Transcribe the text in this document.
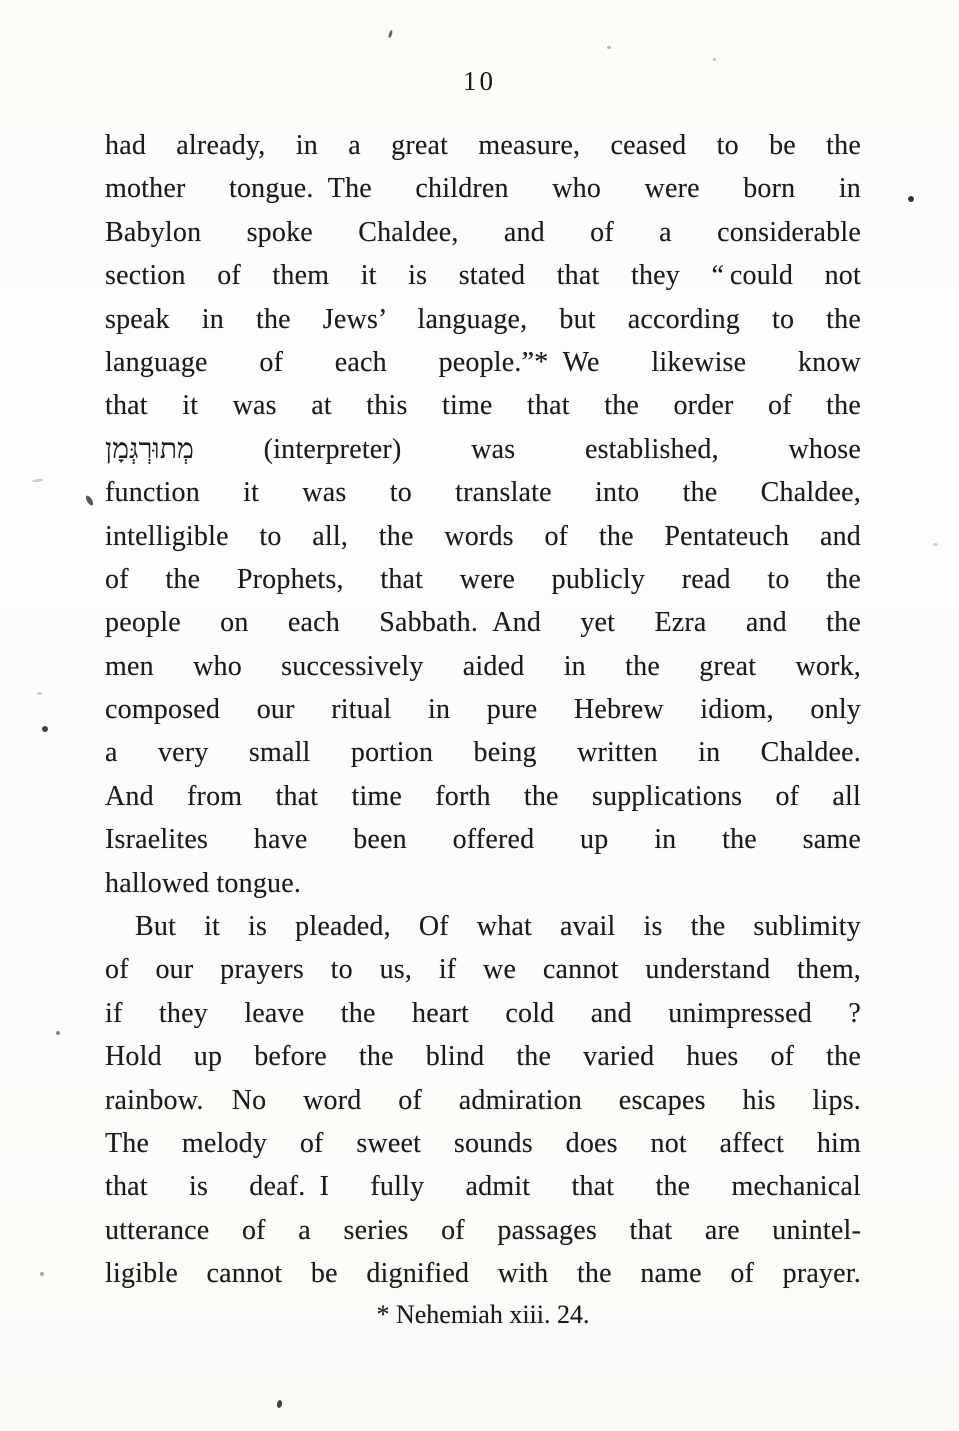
10
had already, in a great measure, ceased to be the
mother tongue. The children who were born in
Babylon spoke Chaldee, and of a considerable
section of them it is stated that they “ could not
speak in the Jews’ language, but according to the
language of each people.”* We likewise know
that it was at this time that the order of the
מְתוּרְגְּמָן (interpreter) was established, whose
function it was to translate into the Chaldee,
intelligible to all, the words of the Pentateuch and
of the Prophets, that were publicly read to the
people on each Sabbath. And yet Ezra and the
men who successively aided in the great work,
composed our ritual in pure Hebrew idiom, only
a very small portion being written in Chaldee.
And from that time forth the supplications of all
Israelites have been offered up in the same
hallowed tongue.
But it is pleaded, Of what avail is the sublimity
of our prayers to us, if we cannot understand them,
if they leave the heart cold and unimpressed ?
Hold up before the blind the varied hues of the
rainbow. No word of admiration escapes his lips.
The melody of sweet sounds does not affect him
that is deaf. I fully admit that the mechanical
utterance of a series of passages that are unintel-
ligible cannot be dignified with the name of prayer.
* Nehemiah xiii. 24.
